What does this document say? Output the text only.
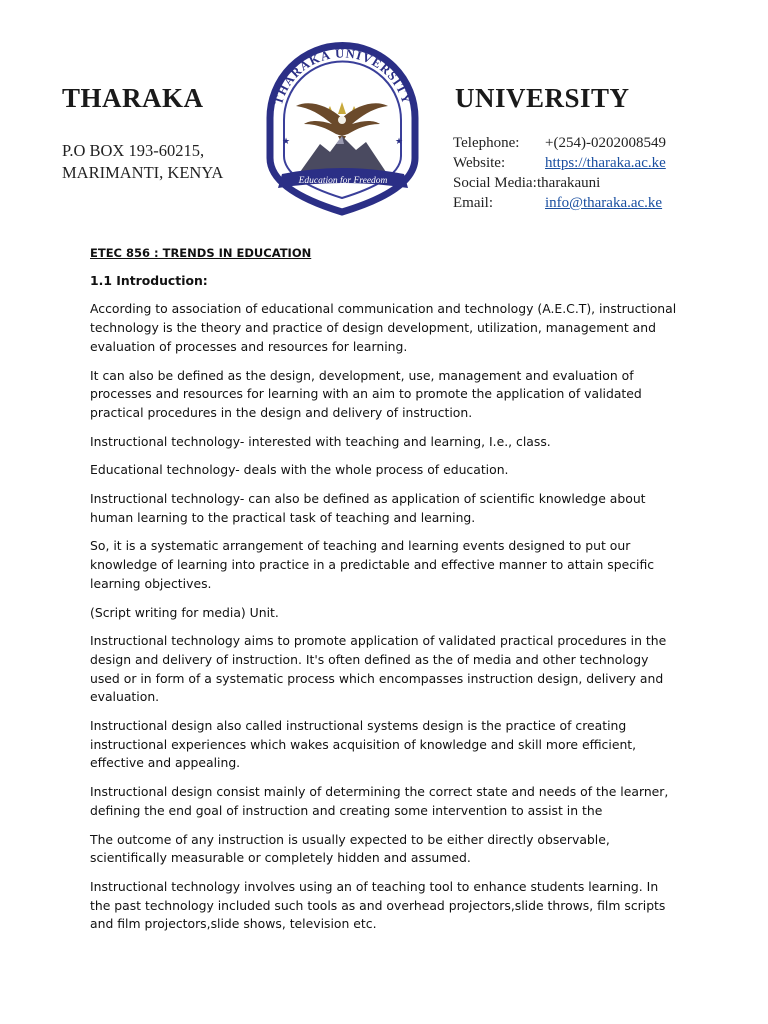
THARAKA	UNIVERSITY
P.O BOX 193-60215,
MARIMANTI, KENYA
THARAKA UNIVERSITY
★	★
Education for Freedom
Telephone:	+(254)-0202008549
Website:	https://tharaka.ac.ke
Social Media: tharakauni
Email:	info@tharaka.ac.ke
ETEC 856 : TRENDS IN EDUCATION
1.1 Introduction:

According to association of educational communication and technology (A.E.C.T), instructional technology is the theory and practice of design development, utilization, management and evaluation of processes and resources for learning.

It can also be defined as the design, development, use, management and evaluation of processes and resources for learning with an aim to promote the application of validated practical procedures in the design and delivery of instruction.

Instructional technology- interested with teaching and learning, I.e., class.

Educational technology- deals with the whole process of education.

Instructional technology- can also be defined as application of scientific knowledge about human learning to the practical task of teaching and learning.

So, it is a systematic arrangement of teaching and learning events designed to put our knowledge of learning into practice in a predictable and effective manner to attain specific learning objectives.

(Script writing for media) Unit.

Instructional technology aims to promote application of validated practical procedures in the design and delivery of instruction. It's often defined as the of media and other technology used or in form of a systematic process which encompasses instruction design, delivery and evaluation.

Instructional design also called instructional systems design is the practice of creating instructional experiences which wakes acquisition of knowledge and skill more efficient, effective and appealing.

Instructional design consist mainly of determining the correct state and needs of the learner, defining the end goal of instruction and creating some intervention to assist in the

The outcome of any instruction is usually expected to be either directly observable, scientifically measurable or completely hidden and assumed.

Instructional technology involves using an of teaching tool to enhance students learning. In the past technology included such tools as and overhead projectors,slide throws, film scripts and film projectors,slide shows, television etc.
